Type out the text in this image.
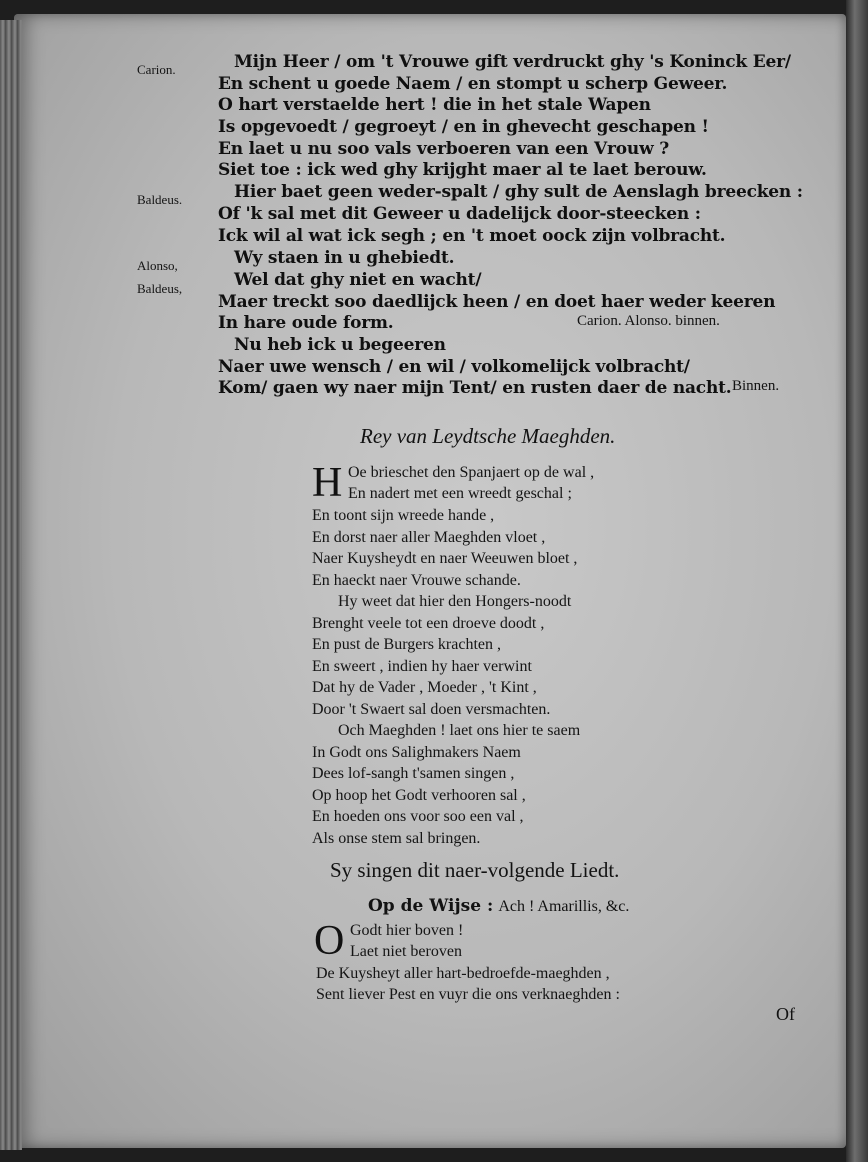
Carion.	Mijn Heer / om 't Vrouwe gift verdruckt ghy 's Koninck Eer/
En schent u goede Naem / en stompt u scherp Geweer.
O hart verstaelde hert ! die in het stale Wapen
Is opgevoedt / gegroeyt / en in ghevecht geschapen !
En laet u nu soo vals verboeren van een Vrouw ?
Siet toe : ick wed ghy krijght maer al te laet berouw.
Baldeus.	Hier baet geen weder-spalt / ghy sult de Aenslagh breecken :
Of 'k sal met dit Geweer u dadelijck door-steecken :
Ick wil al wat ick segh ; en 't moet oock zijn volbracht.
Alonso,	Wy staen in u ghebiedt.
Baldeus,	Wel dat ghy niet en wacht/
Maer treckt soo daedlijck heen / en doet haer weder keeren
In hare oude form.	Carion. Alonso. binnen.
Nu heb ick u begeeren
Naer uwe wensch / en wil / volkomelijck volbracht/
Kom/ gaen wy naer mijn Tent/ en rusten daer de nacht. Binnen.
Rey van Leydtsche Maeghden.
H Oe brieschet den Spanjaert op de wal ,
En nadert met een wreedt geschal ;
En toont sijn wreede hande ,
En dorst naer aller Maeghden vloet ,
Naer Kuysheydt en naer Weeuwen bloet ,
En haeckt naer Vrouwe schande.
Hy weet dat hier den Hongers-noodt
Brenght veele tot een droeve doodt ,
En pust de Burgers krachten ,
En sweert , indien hy haer verwint
Dat hy de Vader , Moeder , 't Kint ,
Door 't Swaert sal doen versmachten.
Och Maeghden ! laet ons hier te saem
In Godt ons Salighmakers Naem
Dees lof-sangh t'samen singen ,
Op hoop het Godt verhooren sal ,
En hoeden ons voor soo een val ,
Als onse stem sal bringen.
Sy singen dit naer-volgende Liedt.
Op de Wijse : Ach ! Amarillis, &c.
O Godt hier boven !
Laet niet beroven
De Kuysheyt aller hart-bedroefde-maeghden ,
Sent liever Pest en vuyr die ons verknaeghden :
Of
